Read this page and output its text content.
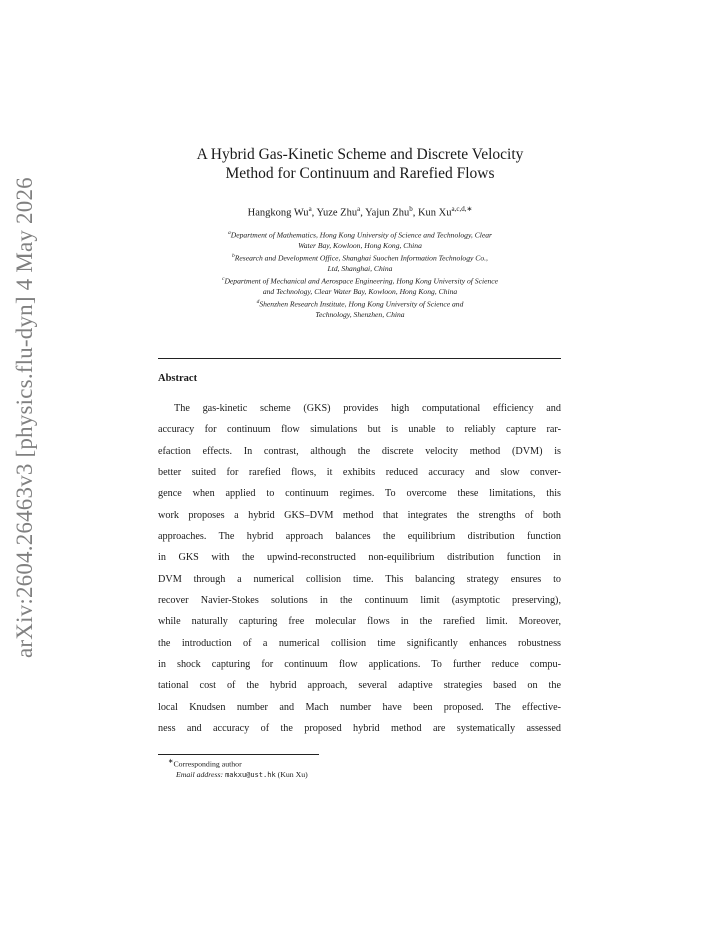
arXiv:2604.26463v3 [physics.flu-dyn] 4 May 2026
A Hybrid Gas-Kinetic Scheme and Discrete Velocity
Method for Continuum and Rarefied Flows
Hangkong Wu$^a$, Yuze Zhu$^a$, Yajun Zhu$^b$, Kun $Xu^{a,c,d,∗}$
$^a$Department of Mathematics, Hong Kong University of Science and Technology, Clear
Water Bay, Kowloon, Hong Kong, China
$^b$Research and Development Office, Shanghai Suochen Information Technology Co.,
Ltd, Shanghai, China
$^c$Department of Mechanical and Aerospace Engineering, Hong Kong University of Science
and Technology, Clear Water Bay, Kowloon, Hong Kong, China
$^d$Shenzhen Research Institute, Hong Kong University of Science and
Technology, Shenzhen, China
Abstract
The gas-kinetic scheme (GKS) provides high computational efficiency and
accuracy for continuum flow simulations but is unable to reliably capture rar-
efaction effects. In contrast, although the discrete velocity method (DVM) is
better suited for rarefied flows, it exhibits reduced accuracy and slow conver-
gence when applied to continuum regimes. To overcome these limitations, this
work proposes a hybrid GKS–DVM method that integrates the strengths of both
approaches. The hybrid approach balances the equilibrium distribution function
in GKS with the upwind-reconstructed non-equilibrium distribution function in
DVM through a numerical collision time. This balancing strategy ensures to
recover Navier-Stokes solutions in the continuum limit (asymptotic preserving),
while naturally capturing free molecular flows in the rarefied limit. Moreover,
the introduction of a numerical collision time significantly enhances robustness
in shock capturing for continuum flow applications. To further reduce compu-
tational cost of the hybrid approach, several adaptive strategies based on the
local Knudsen number and Mach number have been proposed. The effective-
ness and accuracy of the proposed hybrid method are systematically assessed
∗Corresponding author
Email address: makxu@ust.hk (Kun Xu)
